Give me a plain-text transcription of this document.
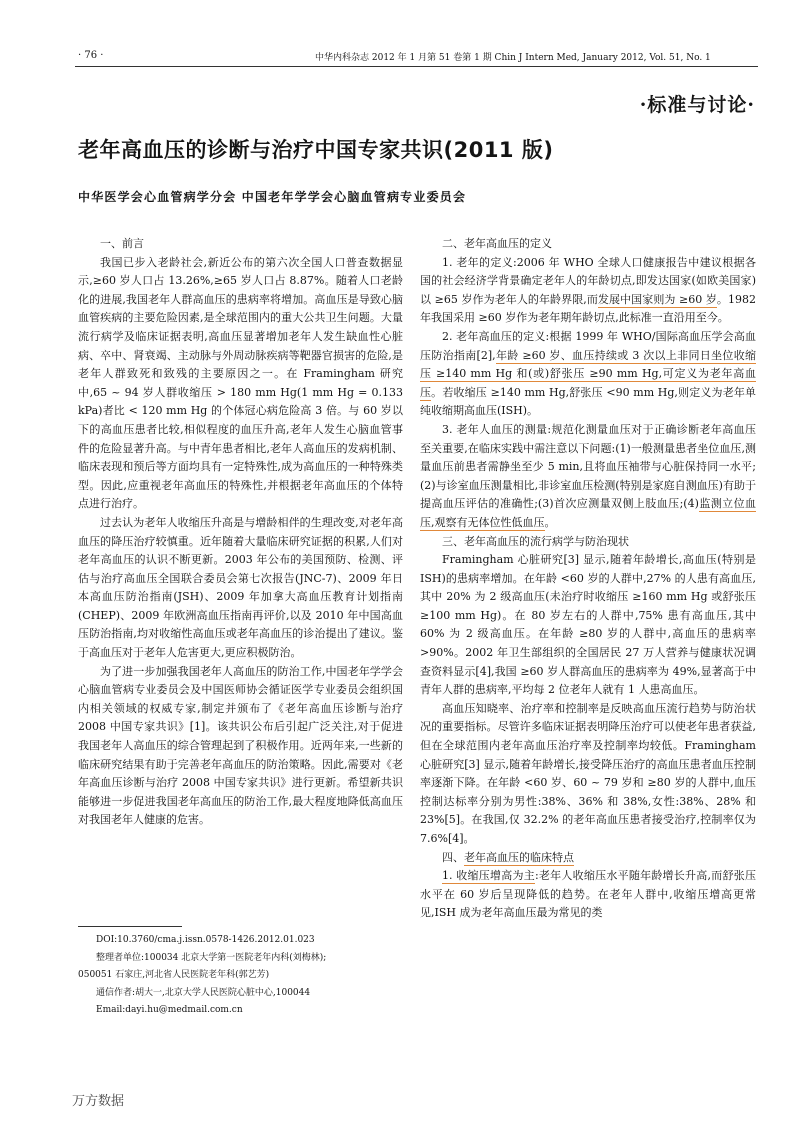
· 76 ·	中华内科杂志 2012 年 1 月第 51 卷第 1 期 Chin J Intern Med, January 2012, Vol. 51, No. 1
·标准与讨论·
老年高血压的诊断与治疗中国专家共识(2011 版)
中华医学会心血管病学分会 中国老年学学会心脑血管病专业委员会
一、前言

我国已步入老龄社会,新近公布的第六次全国人口普查数据显示,≥60 岁人口占 13.26%,≥65 岁人口占 8.87%。随着人口老龄化的进展,我国老年人群高血压的患病率将增加。高血压是导致心脑血管疾病的主要危险因素,是全球范围内的重大公共卫生问题。大量流行病学及临床证据表明,高血压显著增加老年人发生缺血性心脏病、卒中、肾衰竭、主动脉与外周动脉疾病等靶器官损害的危险,是老年人群致死和致残的主要原因之一。在 Framingham 研究中,65 ~ 94 岁人群收缩压 > 180 mm Hg(1 mm Hg = 0.133 kPa)者比 < 120 mm Hg 的个体冠心病危险高 3 倍。与 60 岁以下的高血压患者比较,相似程度的血压升高,老年人发生心脑血管事件的危险显著升高。与中青年患者相比,老年人高血压的发病机制、临床表现和预后等方面均具有一定特殊性,成为高血压的一种特殊类型。因此,应重视老年高血压的特殊性,并根据老年高血压的个体特点进行治疗。

过去认为老年人收缩压升高是与增龄相伴的生理改变,对老年高血压的降压治疗较慎重。近年随着大量临床研究证据的积累,人们对老年高血压的认识不断更新。2003 年公布的美国预防、检测、评估与治疗高血压全国联合委员会第七次报告(JNC-7)、2009 年日本高血压防治指南(JSH)、2009 年加拿大高血压教育计划指南(CHEP)、2009 年欧洲高血压指南再评价,以及 2010 年中国高血压防治指南,均对收缩性高血压或老年高血压的诊治提出了建议。鉴于高血压对于老年人危害更大,更应积极防治。

为了进一步加强我国老年人高血压的防治工作,中国老年学学会心脑血管病专业委员会及中国医师协会循证医学专业委员会组织国内相关领域的权威专家,制定并颁布了《老年高血压诊断与治疗 2008 中国专家共识》[1]。该共识公布后引起广泛关注,对于促进我国老年人高血压的综合管理起到了积极作用。近两年来,一些新的临床研究结果有助于完善老年高血压的防治策略。因此,需要对《老年高血压诊断与治疗 2008 中国专家共识》进行更新。希望新共识能够进一步促进我国老年高血压的防治工作,最大程度地降低高血压对我国老年人健康的危害。

DOI:10.3760/cma.j.issn.0578-1426.2012.01.023

整理者单位:100034 北京大学第一医院老年内科(刘梅林);

050051 石家庄,河北省人民医院老年科(郭艺芳)

通信作者:胡大一,北京大学人民医院心脏中心,100044

Email:dayi.hu@medmail.com.cn

二、老年高血压的定义

1. 老年的定义:2006 年 WHO 全球人口健康报告中建议根据各国的社会经济学背景确定老年人的年龄切点,即发达国家(如欧美国家)以 ≥65 岁作为老年人的年龄界限,而发展中国家则为 ≥60 岁。1982 年我国采用 ≥60 岁作为老年期年龄切点,此标准一直沿用至今。

2. 老年高血压的定义:根据 1999 年 WHO/国际高血压学会高血压防治指南[2],年龄 ≥60 岁、血压持续或 3 次以上非同日坐位收缩压 ≥140 mm Hg 和(或)舒张压 ≥90 mm Hg,可定义为老年高血压。若收缩压 ≥140 mm Hg,舒张压 <90 mm Hg,则定义为老年单纯收缩期高血压(ISH)。

3. 老年人血压的测量:规范化测量血压对于正确诊断老年高血压至关重要,在临床实践中需注意以下问题:(1)一般测量患者坐位血压,测量血压前患者需静坐至少 5 min,且将血压袖带与心脏保持同一水平;(2)与诊室血压测量相比,非诊室血压检测(特别是家庭自测血压)有助于提高血压评估的准确性;(3)首次应测量双侧上肢血压;(4)监测立位血压,观察有无体位性低血压。

三、老年高血压的流行病学与防治现状

Framingham 心脏研究[3] 显示,随着年龄增长,高血压(特别是 ISH)的患病率增加。在年龄 <60 岁的人群中,27% 的人患有高血压,其中 20% 为 2 级高血压(未治疗时收缩压 ≥160 mm Hg 或舒张压 ≥100 mm Hg)。在 80 岁左右的人群中,75% 患有高血压,其中 60% 为 2 级高血压。在年龄 ≥80 岁的人群中,高血压的患病率 >90%。2002 年卫生部组织的全国居民 27 万人营养与健康状况调查资料显示[4],我国 ≥60 岁人群高血压的患病率为 49%,显著高于中青年人群的患病率,平均每 2 位老年人就有 1 人患高血压。

高血压知晓率、治疗率和控制率是反映高血压流行趋势与防治状况的重要指标。尽管许多临床证据表明降压治疗可以使老年患者获益,但在全球范围内老年高血压治疗率及控制率均较低。Framingham 心脏研究[3] 显示,随着年龄增长,接受降压治疗的高血压患者血压控制率逐渐下降。在年龄 <60 岁、60 ~ 79 岁和 ≥80 岁的人群中,血压控制达标率分别为男性:38%、36% 和 38%,女性:38%、28% 和 23%[5]。在我国,仅 32.2% 的老年高血压患者接受治疗,控制率仅为 7.6%[4]。

四、老年高血压的临床特点

1. 收缩压增高为主:老年人收缩压水平随年龄增长升高,而舒张压水平在 60 岁后呈现降低的趋势。在老年人群中,收缩压增高更常见,ISH 成为老年高血压最为常见的类

万方数据
